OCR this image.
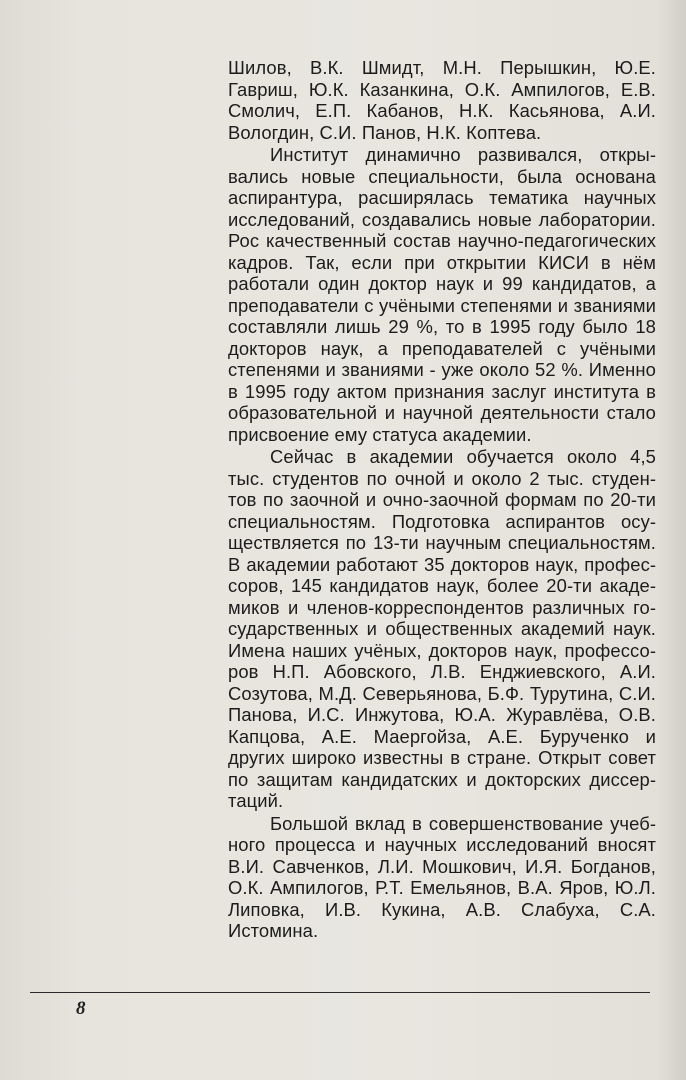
Шилов, В.К. Шмидт, М.Н. Перышкин, Ю.Е. Гавриш, Ю.К. Казанкина, О.К. Ампилогов, Е.В. Смолич, Е.П. Кабанов, Н.К. Касьянова, А.И. Вологдин, С.И. Панов, Н.К. Коптева.

Институт динамично развивался, открывались новые специальности, была основана аспирантура, расширялась тематика научных исследований, создавались новые лаборатории. Рос качественный состав научно-педагогических кадров. Так, если при открытии КИСИ в нём работали один доктор наук и 99 кандидатов, а преподаватели с учёными степенями и званиями составляли лишь 29 %, то в 1995 году было 18 докторов наук, а преподавателей с учёными степенями и званиями - уже около 52 %. Именно в 1995 году актом признания заслуг института в образовательной и научной деятельности стало присвоение ему статуса академии.

Сейчас в академии обучается около 4,5 тыс. студентов по очной и около 2 тыс. студентов по заочной и очно-заочной формам по 20-ти специальностям. Подготовка аспирантов осуществляется по 13-ти научным специальностям. В академии работают 35 докторов наук, профессоров, 145 кандидатов наук, более 20-ти академиков и членов-корреспондентов различных государственных и общественных академий наук. Имена наших учёных, докторов наук, профессоров Н.П. Абовского, Л.В. Енджиевского, А.И. Созутова, М.Д. Северьянова, Б.Ф. Турутина, С.И. Панова, И.С. Инжутова, Ю.А. Журавлёва, О.В. Капцова, А.Е. Маергойза, А.Е. Бурученко и других широко известны в стране. Открыт совет по защитам кандидатских и докторских диссертаций.

Большой вклад в совершенствование учебного процесса и научных исследований вносят В.И. Савченков, Л.И. Мошкович, И.Я. Богданов, О.К. Ампилогов, Р.Т. Емельянов, В.А. Яров, Ю.Л. Липовка, И.В. Кукина, А.В. Слабуха, С.А. Истомина.

8
